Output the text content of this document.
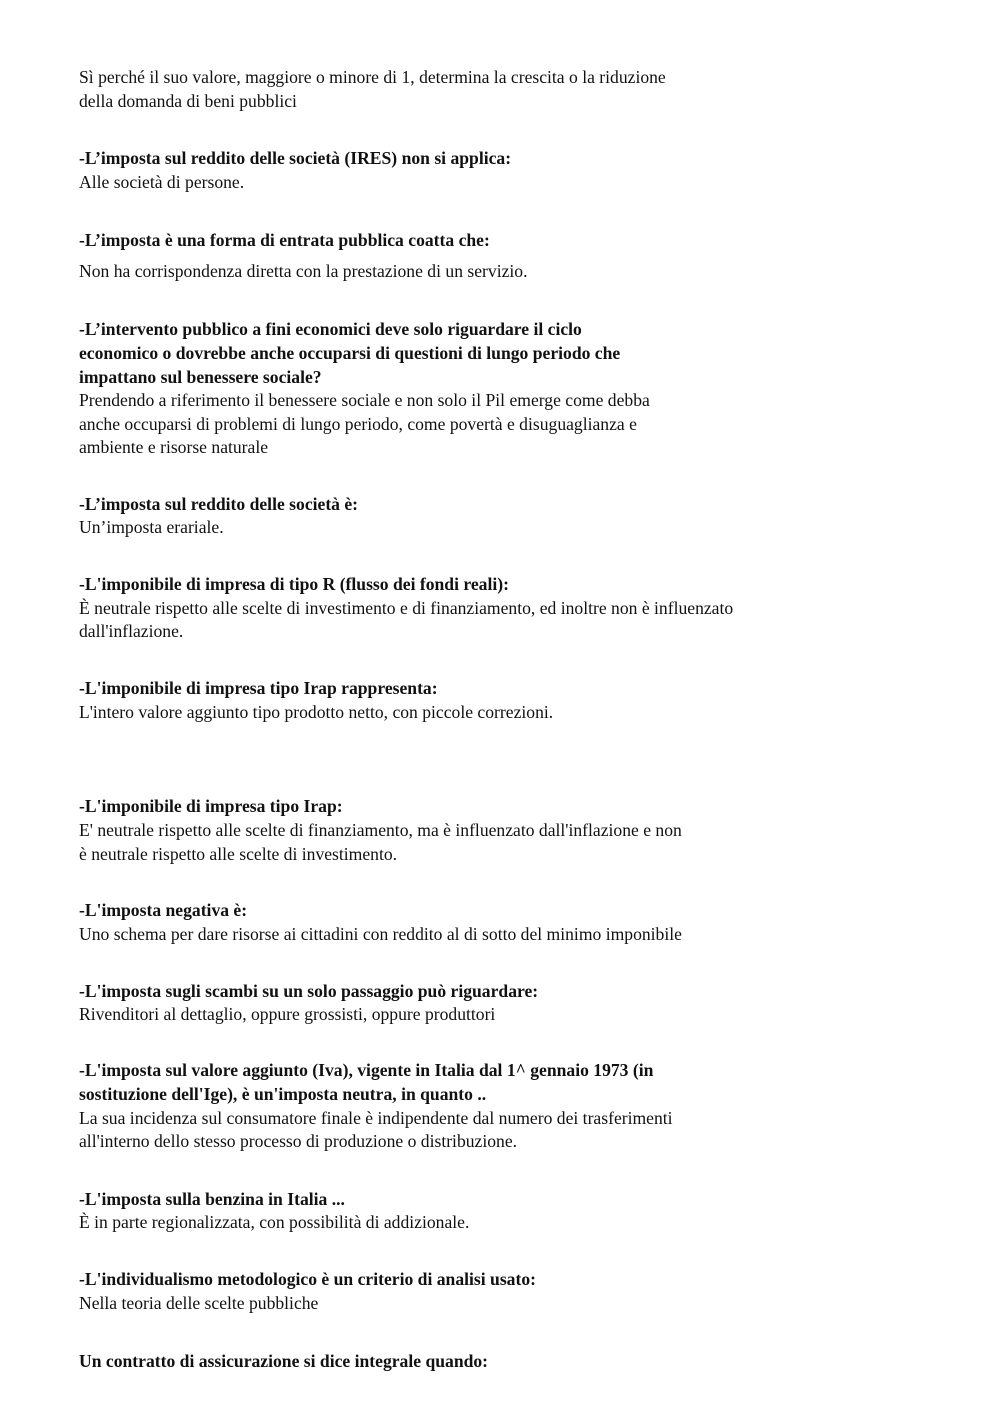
Sì perché il suo valore, maggiore o minore di 1, determina la crescita o la riduzione
della domanda di beni pubblici
-L’imposta sul reddito delle società (IRES) non si applica:
Alle società di persone.
-L’imposta è una forma di entrata pubblica coatta che:
Non ha corrispondenza diretta con la prestazione di un servizio.
-L’intervento pubblico a fini economici deve solo riguardare il ciclo
economico o dovrebbe anche occuparsi di questioni di lungo periodo che
impattano sul benessere sociale?
Prendendo a riferimento il benessere sociale e non solo il Pil emerge come debba
anche occuparsi di problemi di lungo periodo, come povertà e disuguaglianza e
ambiente e risorse naturale
-L’imposta sul reddito delle società è:
Un’imposta erariale.
-L'imponibile di impresa di tipo R (flusso dei fondi reali):
È neutrale rispetto alle scelte di investimento e di finanziamento, ed inoltre non è influenzato
dall'inflazione.
-L'imponibile di impresa tipo Irap rappresenta:
L'intero valore aggiunto tipo prodotto netto, con piccole correzioni.
-L'imponibile di impresa tipo Irap:
E' neutrale rispetto alle scelte di finanziamento, ma è influenzato dall'inflazione e non
è neutrale rispetto alle scelte di investimento.
-L'imposta negativa è:
Uno schema per dare risorse ai cittadini con reddito al di sotto del minimo imponibile
-L'imposta sugli scambi su un solo passaggio può riguardare:
Rivenditori al dettaglio, oppure grossisti, oppure produttori
-L'imposta sul valore aggiunto (Iva), vigente in Italia dal 1^ gennaio 1973 (in
sostituzione dell'Ige), è un'imposta neutra, in quanto ..
La sua incidenza sul consumatore finale è indipendente dal numero dei trasferimenti
all'interno dello stesso processo di produzione o distribuzione.
-L'imposta sulla benzina in Italia ...
È in parte regionalizzata, con possibilità di addizionale.
-L'individualismo metodologico è un criterio di analisi usato:
Nella teoria delle scelte pubbliche
Un contratto di assicurazione si dice integrale quando:
